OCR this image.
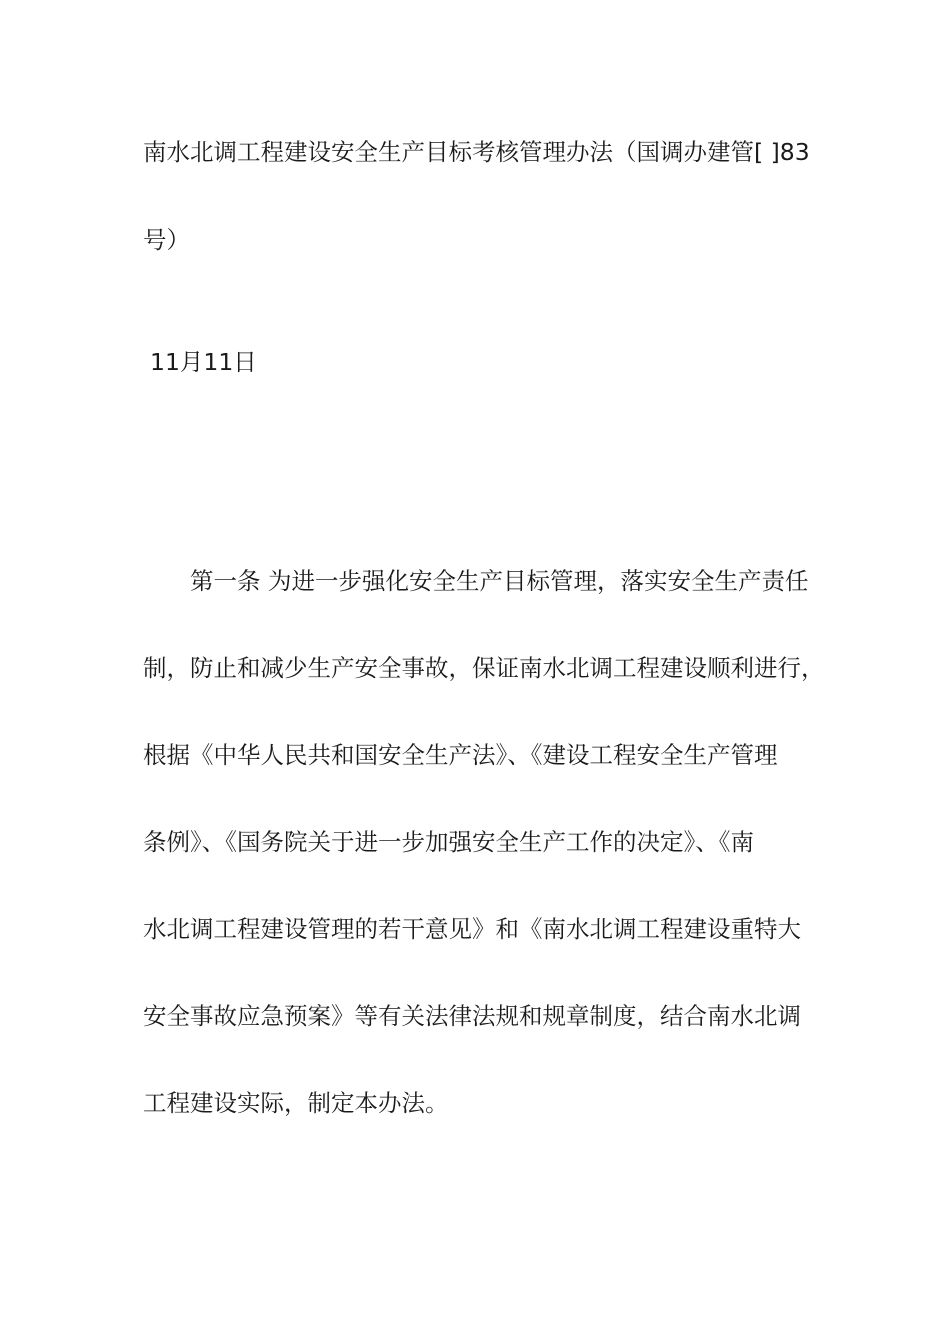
南水北调工程建设安全生产目标考核管理办法（国调办建管[ ]83
号）
11月11日
第一条 为进一步强化安全生产目标管理，落实安全生产责任
制，防止和减少生产安全事故，保证南水北调工程建设顺利进行，
根据《中华人民共和国安全生产法》、《建设工程安全生产管理
条例》、《国务院关于进一步加强安全生产工作的决定》、《南
水北调工程建设管理的若干意见》和《南水北调工程建设重特大
安全事故应急预案》等有关法律法规和规章制度，结合南水北调
工程建设实际，制定本办法。
